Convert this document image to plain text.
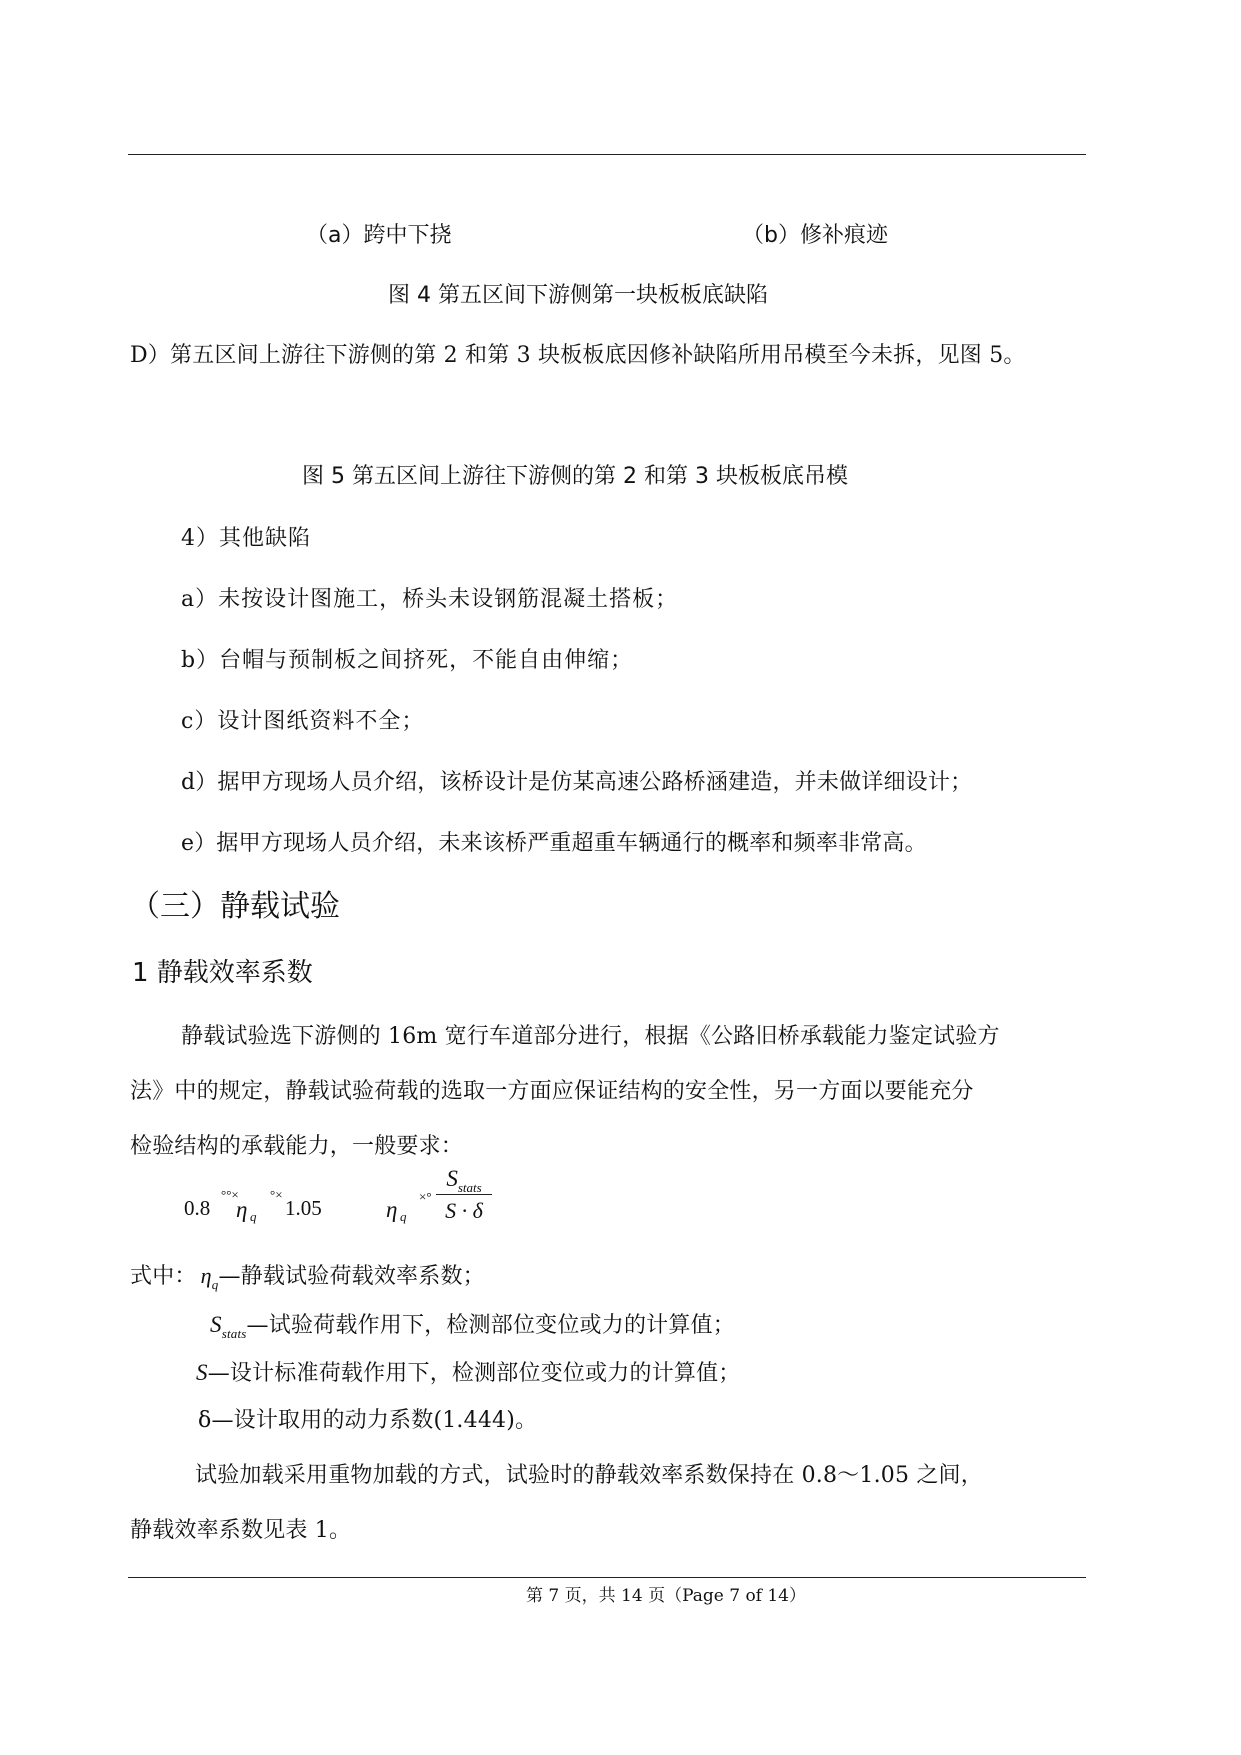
（a）跨中下挠	（b）修补痕迹
图 4 第五区间下游侧第一块板板底缺陷
D）第五区间上游往下游侧的第 2 和第 3 块板板底因修补缺陷所用吊模至今未拆，见图 5。
图 5 第五区间上游往下游侧的第 2 和第 3 块板板底吊模
4）其他缺陷
a）未按设计图施工，桥头未设钢筋混凝土搭板；
b）台帽与预制板之间挤死，不能自由伸缩；
c）设计图纸资料不全；
d）据甲方现场人员介绍，该桥设计是仿某高速公路桥涵建造，并未做详细设计；
e）据甲方现场人员介绍，未来该桥严重超重车辆通行的概率和频率非常高。
（三）静载试验
1 静载效率系数
静载试验选下游侧的 16m 宽行车道部分进行，根据《公路旧桥承载能力鉴定试验方
法》中的规定，静载试验荷载的选取一方面应保证结构的安全性，另一方面以要能充分
检验结构的承载能力，一般要求：
0.8
°°×
η q
°×
1.05	η q
×°
$S_{stats}$
S · δ
式中： $\eta_q—$静载试验荷载效率系数；
$S_{stats}—$试验荷载作用下，检测部位变位或力的计算值；
S—设计标准荷载作用下，检测部位变位或力的计算值；
δ—设计取用的动力系数(1.444)。
试验加载采用重物加载的方式，试验时的静载效率系数保持在 0.8～1.05 之间，
静载效率系数见表 1。
第 7 页，共 14 页（Page 7 of 14）
